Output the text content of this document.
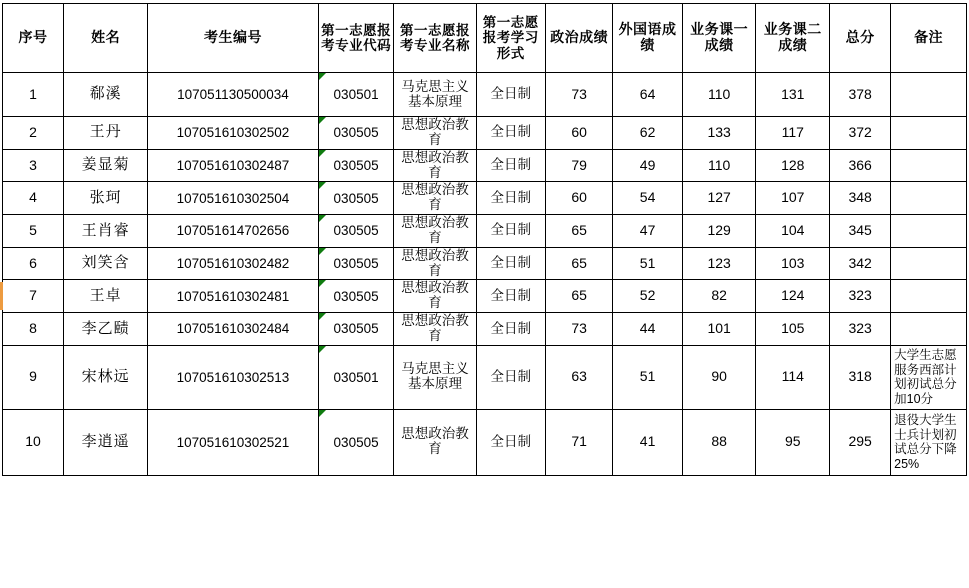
序号	姓名	考生编号	第一志愿报考专业代码	第一志愿报考专业名称	第一志愿报考学习形式	政治成绩	外国语成绩	业务课一成绩	业务课二成绩	总分	备注
1	郗溪	107051130500034	030501	马克思主义基本原理	全日制	73	64	110	131	378	
2	王丹	107051610302502	030505	思想政治教育	全日制	60	62	133	117	372	
3	姜显菊	107051610302487	030505	思想政治教育	全日制	79	49	110	128	366	
4	张珂	107051610302504	030505	思想政治教育	全日制	60	54	127	107	348	
5	王肖睿	107051614702656	030505	思想政治教育	全日制	65	47	129	104	345	
6	刘笑含	107051610302482	030505	思想政治教育	全日制	65	51	123	103	342	
7	王卓	107051610302481	030505	思想政治教育	全日制	65	52	82	124	323	
8	李乙赜	107051610302484	030505	思想政治教育	全日制	73	44	101	105	323	
9	宋林远	107051610302513	030501	马克思主义基本原理	全日制	63	51	90	114	318	大学生志愿服务西部计划初试总分加10分
10	李逍遥	107051610302521	030505	思想政治教育	全日制	71	41	88	95	295	退役大学生士兵计划初试总分下降25%
